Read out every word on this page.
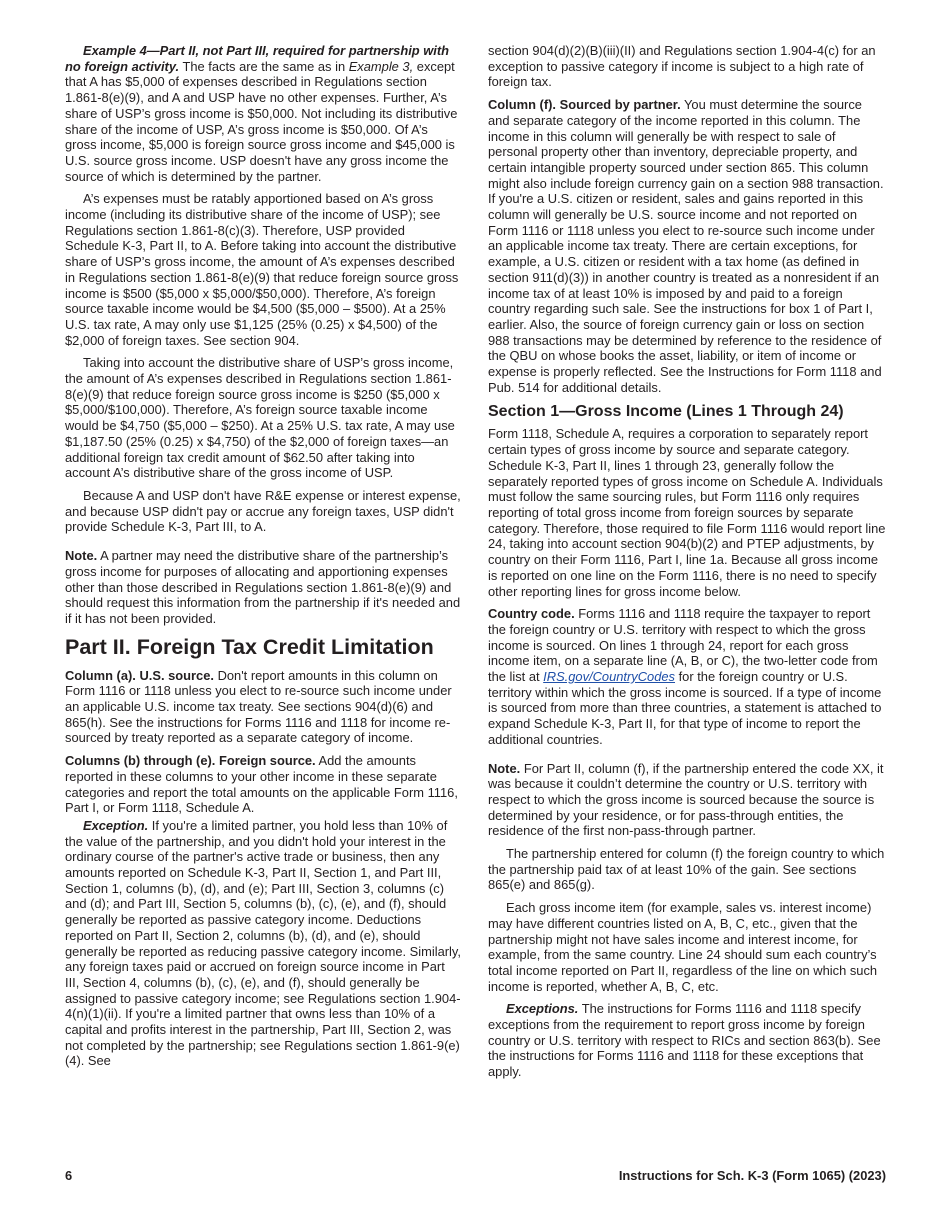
Example 4—Part II, not Part III, required for partnership with no foreign activity. The facts are the same as in Example 3, except that A has $5,000 of expenses described in Regulations section 1.861-8(e)(9), and A and USP have no other expenses. Further, A’s share of USP’s gross income is $50,000. Not including its distributive share of the income of USP, A’s gross income is $50,000. Of A’s gross income, $5,000 is foreign source gross income and $45,000 is U.S. source gross income. USP doesn't have any gross income the source of which is determined by the partner.

A’s expenses must be ratably apportioned based on A’s gross income (including its distributive share of the income of USP); see Regulations section 1.861-8(c)(3). Therefore, USP provided Schedule K-3, Part II, to A. Before taking into account the distributive share of USP’s gross income, the amount of A’s expenses described in Regulations section 1.861-8(e)(9) that reduce foreign source gross income is $500 ($5,000 x $5,000/$50,000). Therefore, A’s foreign source taxable income would be $4,500 ($5,000 – $500). At a 25% U.S. tax rate, A may only use $1,125 (25% (0.25) x $4,500) of the $2,000 of foreign taxes. See section 904.

Taking into account the distributive share of USP’s gross income, the amount of A’s expenses described in Regulations section 1.861-8(e)(9) that reduce foreign source gross income is $250 ($5,000 x $5,000/$100,000). Therefore, A’s foreign source taxable income would be $4,750 ($5,000 – $250). At a 25% U.S. tax rate, A may use $1,187.50 (25% (0.25) x $4,750) of the $2,000 of foreign taxes—an additional foreign tax credit amount of $62.50 after taking into account A’s distributive share of the gross income of USP.

Because A and USP don't have R&E expense or interest expense, and because USP didn't pay or accrue any foreign taxes, USP didn't provide Schedule K-3, Part III, to A.

Note. A partner may need the distributive share of the partnership’s gross income for purposes of allocating and apportioning expenses other than those described in Regulations section 1.861-8(e)(9) and should request this information from the partnership if it's needed and if it has not been provided.

Part II. Foreign Tax Credit Limitation

Column (a). U.S. source. Don't report amounts in this column on Form 1116 or 1118 unless you elect to re-source such income under an applicable U.S. income tax treaty. See sections 904(d)(6) and 865(h). See the instructions for Forms 1116 and 1118 for income re-sourced by treaty reported as a separate category of income.

Columns (b) through (e). Foreign source. Add the amounts reported in these columns to your other income in these separate categories and report the total amounts on the applicable Form 1116, Part I, or Form 1118, Schedule A.

Exception. If you're a limited partner, you hold less than 10% of the value of the partnership, and you didn't hold your interest in the ordinary course of the partner's active trade or business, then any amounts reported on Schedule K-3, Part II, Section 1, and Part III, Section 1, columns (b), (d), and (e); Part III, Section 3, columns (c) and (d); and Part III, Section 5, columns (b), (c), (e), and (f), should generally be reported as passive category income. Deductions reported on Part II, Section 2, columns (b), (d), and (e), should generally be reported as reducing passive category income. Similarly, any foreign taxes paid or accrued on foreign source income in Part III, Section 4, columns (b), (c), (e), and (f), should generally be assigned to passive category income; see Regulations section 1.904-4(n)(1)(ii). If you're a limited partner that owns less than 10% of a capital and profits interest in the partnership, Part III, Section 2, was not completed by the partnership; see Regulations section 1.861-9(e)(4). See

section 904(d)(2)(B)(iii)(II) and Regulations section 1.904-4(c) for an exception to passive category if income is subject to a high rate of foreign tax.

Column (f). Sourced by partner. You must determine the source and separate category of the income reported in this column. The income in this column will generally be with respect to sale of personal property other than inventory, depreciable property, and certain intangible property sourced under section 865. This column might also include foreign currency gain on a section 988 transaction. If you're a U.S. citizen or resident, sales and gains reported in this column will generally be U.S. source income and not reported on Form 1116 or 1118 unless you elect to re-source such income under an applicable income tax treaty. There are certain exceptions, for example, a U.S. citizen or resident with a tax home (as defined in section 911(d)(3)) in another country is treated as a nonresident if an income tax of at least 10% is imposed by and paid to a foreign country regarding such sale. See the instructions for box 1 of Part I, earlier. Also, the source of foreign currency gain or loss on section 988 transactions may be determined by reference to the residence of the QBU on whose books the asset, liability, or item of income or expense is properly reflected. See the Instructions for Form 1118 and Pub. 514 for additional details.

Section 1—Gross Income (Lines 1 Through 24)

Form 1118, Schedule A, requires a corporation to separately report certain types of gross income by source and separate category. Schedule K-3, Part II, lines 1 through 23, generally follow the separately reported types of gross income on Schedule A. Individuals must follow the same sourcing rules, but Form 1116 only requires reporting of total gross income from foreign sources by separate category. Therefore, those required to file Form 1116 would report line 24, taking into account section 904(b)(2) and PTEP adjustments, by country on their Form 1116, Part I, line 1a. Because all gross income is reported on one line on the Form 1116, there is no need to specify other reporting lines for gross income below.

Country code. Forms 1116 and 1118 require the taxpayer to report the foreign country or U.S. territory with respect to which the gross income is sourced. On lines 1 through 24, report for each gross income item, on a separate line (A, B, or C), the two-letter code from the list at IRS.gov/CountryCodes for the foreign country or U.S. territory within which the gross income is sourced. If a type of income is sourced from more than three countries, a statement is attached to expand Schedule K-3, Part II, for that type of income to report the additional countries.

Note. For Part II, column (f), if the partnership entered the code XX, it was because it couldn’t determine the country or U.S. territory with respect to which the gross income is sourced because the source is determined by your residence, or for pass-through entities, the residence of the first non-pass-through partner.

The partnership entered for column (f) the foreign country to which the partnership paid tax of at least 10% of the gain. See sections 865(e) and 865(g).

Each gross income item (for example, sales vs. interest income) may have different countries listed on A, B, C, etc., given that the partnership might not have sales income and interest income, for example, from the same country. Line 24 should sum each country’s total income reported on Part II, regardless of the line on which such income is reported, whether A, B, C, etc.

Exceptions. The instructions for Forms 1116 and 1118 specify exceptions from the requirement to report gross income by foreign country or U.S. territory with respect to RICs and section 863(b). See the instructions for Forms 1116 and 1118 for these exceptions that apply.

6	Instructions for Sch. K-3 (Form 1065) (2023)
